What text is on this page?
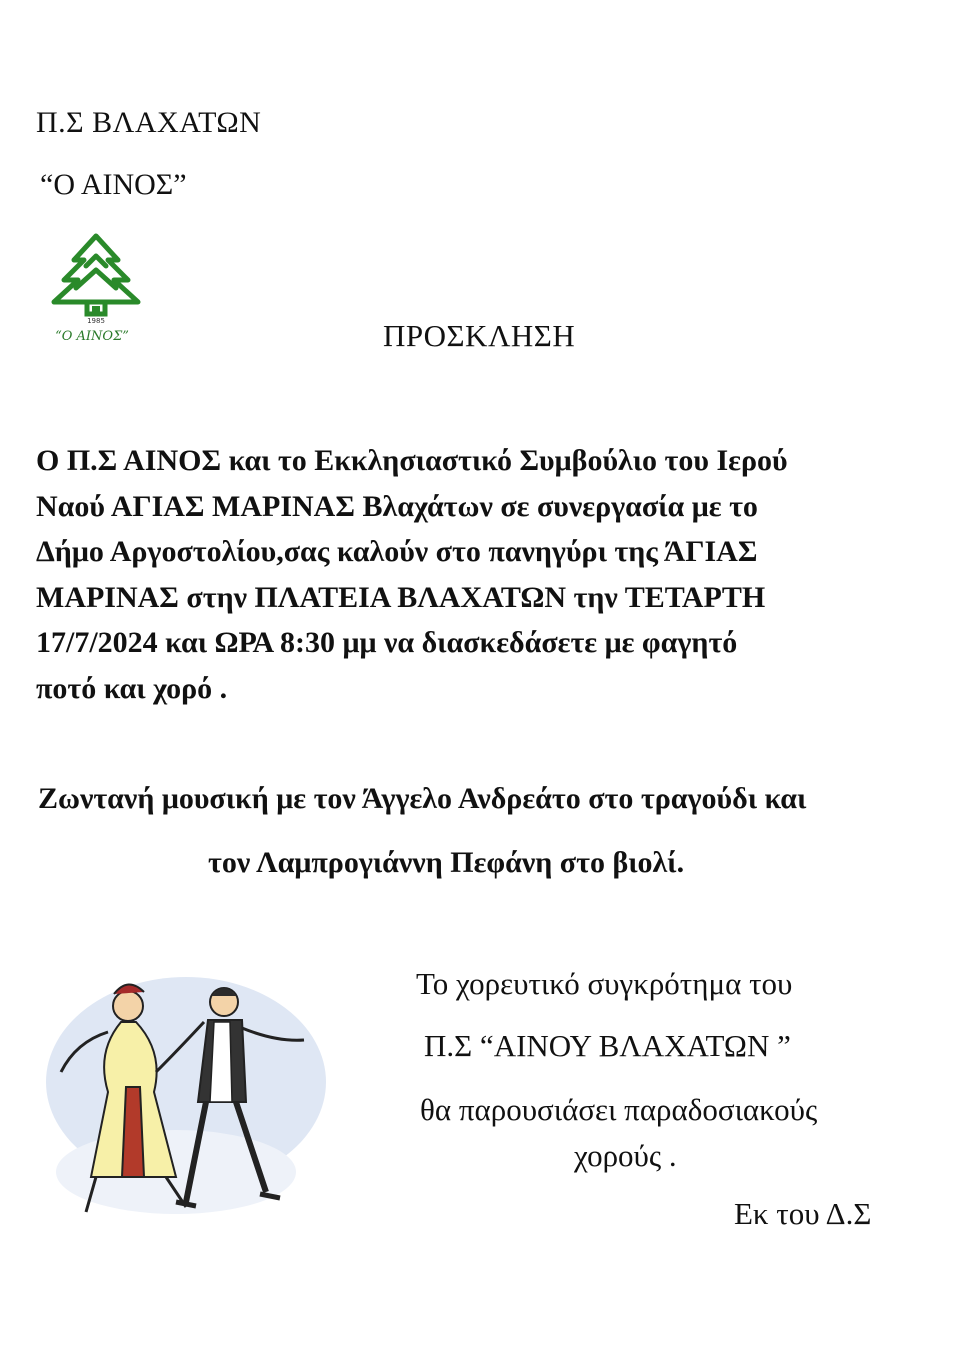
Π.Σ ΒΛΑΧΑΤΩΝ
“Ο ΑΙΝΟΣ”
1985
“Ο ΑΙΝΟΣ”	ΠΡΟΣΚΛΗΣΗ
Ο Π.Σ ΑΙΝΟΣ και το Εκκλησιαστικό Συμβούλιο του Ιερού
Ναού ΑΓΙΑΣ ΜΑΡΙΝΑΣ Βλαχάτων σε συνεργασία με το
Δήμο Αργοστολίου,σας καλούν στο πανηγύρι της ΆΓΙΑΣ
ΜΑΡΙΝΑΣ στην ΠΛΑΤΕΙΑ ΒΛΑΧΑΤΩΝ την ΤΕΤΑΡΤΗ
17/7/2024 και ΩΡΑ 8:30 μμ να διασκεδάσετε με φαγητό
ποτό και χορό .
Ζωντανή μουσική με τον Άγγελο Ανδρεάτο στο τραγούδι και
τον Λαμπρογιάννη Πεφάνη στο βιολί.
Το χορευτικό συγκρότημα του
Π.Σ “ΑΙΝΟΥ ΒΛΑΧΑΤΩΝ ”
θα παρουσιάσει παραδοσιακούς
χορούς .
Εκ του Δ.Σ
